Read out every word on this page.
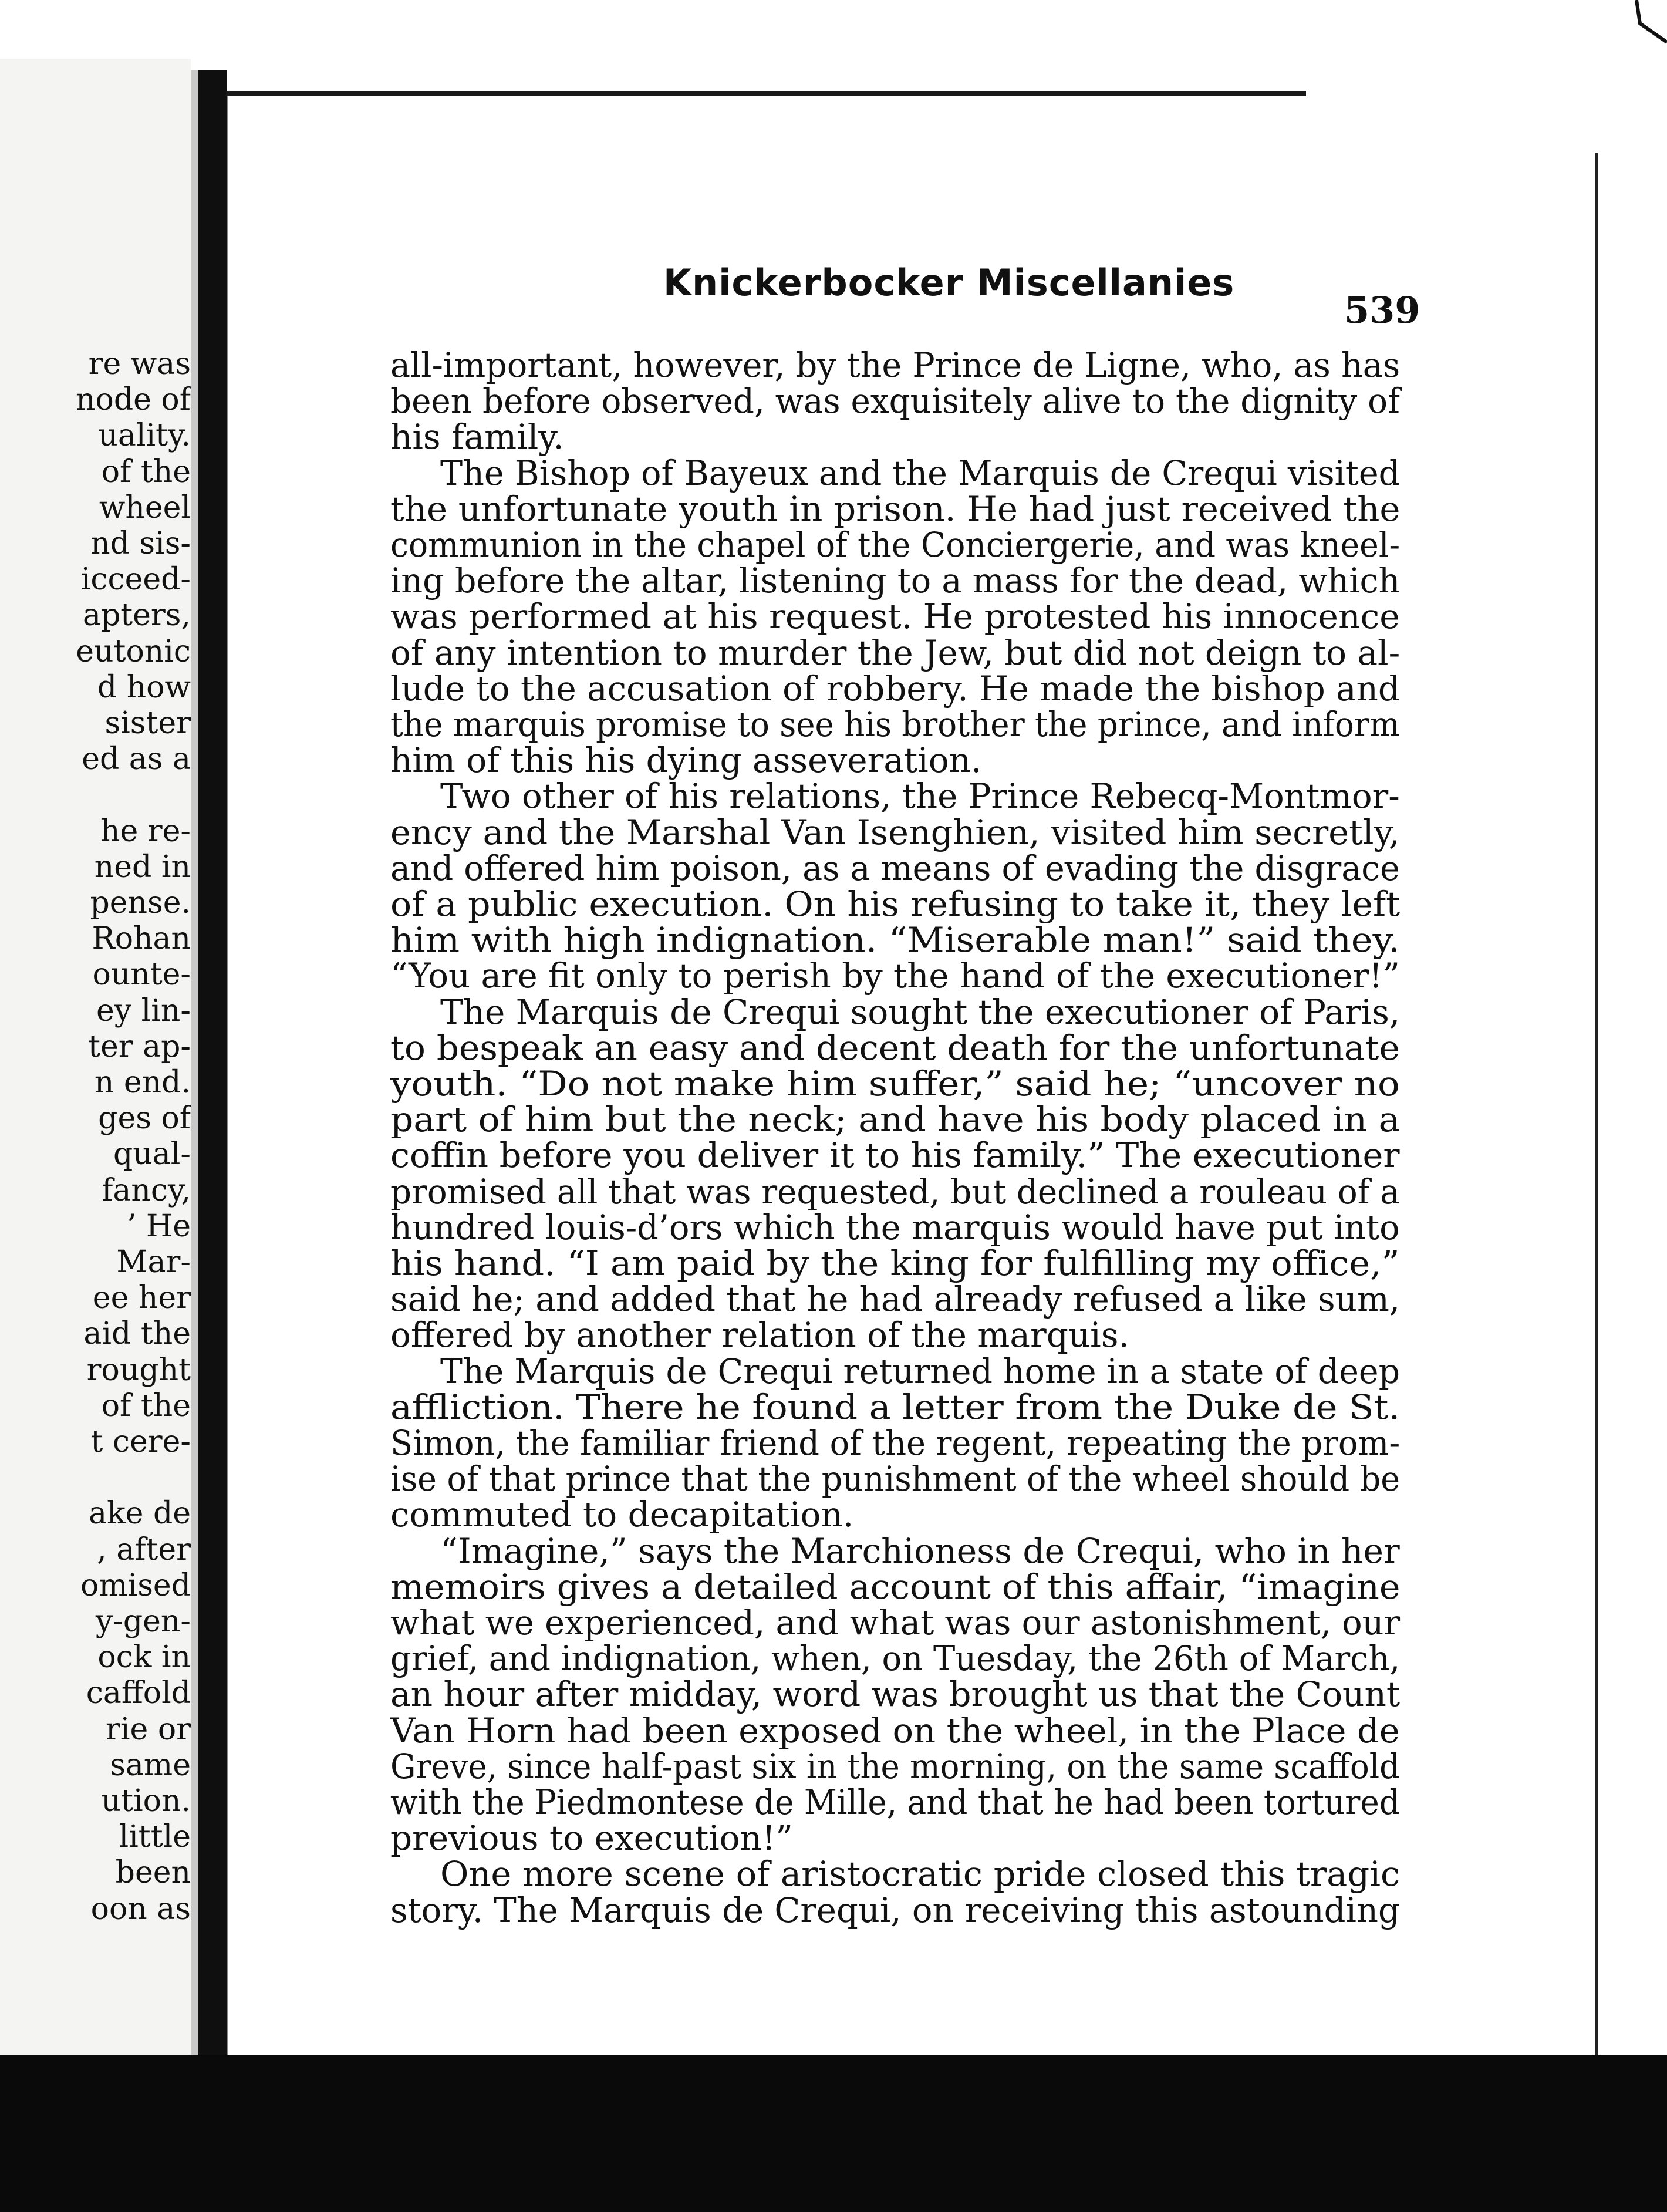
re was
node of
uality.
of the
wheel
nd sis-
icceed-
apters,
eutonic
d how
sister
ed as a
he re-
ned in
pense.
Rohan
ounte-
ey lin-
ter ap-
n end.
ges of
qual-
fancy,
’ He
Mar-
ee her
aid the
rought
of the
t cere-
ake de
, after
omised
y-gen-
ock in
caffold
rie or
same
ution.
little
been
oon as
Knickerbocker Miscellanies
539
all-important, however, by the Prince de Ligne, who, as has
been before observed, was exquisitely alive to the dignity of
his family.
The Bishop of Bayeux and the Marquis de Crequi visited
the unfortunate youth in prison. He had just received the
communion in the chapel of the Conciergerie, and was kneel-
ing before the altar, listening to a mass for the dead, which
was performed at his request. He protested his innocence
of any intention to murder the Jew, but did not deign to al-
lude to the accusation of robbery. He made the bishop and
the marquis promise to see his brother the prince, and inform
him of this his dying asseveration.
Two other of his relations, the Prince Rebecq-Montmor-
ency and the Marshal Van Isenghien, visited him secretly,
and offered him poison, as a means of evading the disgrace
of a public execution. On his refusing to take it, they left
him with high indignation. “Miserable man!” said they.
“You are fit only to perish by the hand of the executioner!”
The Marquis de Crequi sought the executioner of Paris,
to bespeak an easy and decent death for the unfortunate
youth. “Do not make him suffer,” said he; “uncover no
part of him but the neck; and have his body placed in a
coffin before you deliver it to his family.” The executioner
promised all that was requested, but declined a rouleau of a
hundred louis-d’ors which the marquis would have put into
his hand. “I am paid by the king for fulfilling my office,”
said he; and added that he had already refused a like sum,
offered by another relation of the marquis.
The Marquis de Crequi returned home in a state of deep
affliction. There he found a letter from the Duke de St.
Simon, the familiar friend of the regent, repeating the prom-
ise of that prince that the punishment of the wheel should be
commuted to decapitation.
“Imagine,” says the Marchioness de Crequi, who in her
memoirs gives a detailed account of this affair, “imagine
what we experienced, and what was our astonishment, our
grief, and indignation, when, on Tuesday, the 26th of March,
an hour after midday, word was brought us that the Count
Van Horn had been exposed on the wheel, in the Place de
Greve, since half-past six in the morning, on the same scaffold
with the Piedmontese de Mille, and that he had been tortured
previous to execution!”
One more scene of aristocratic pride closed this tragic
story. The Marquis de Crequi, on receiving this astounding
